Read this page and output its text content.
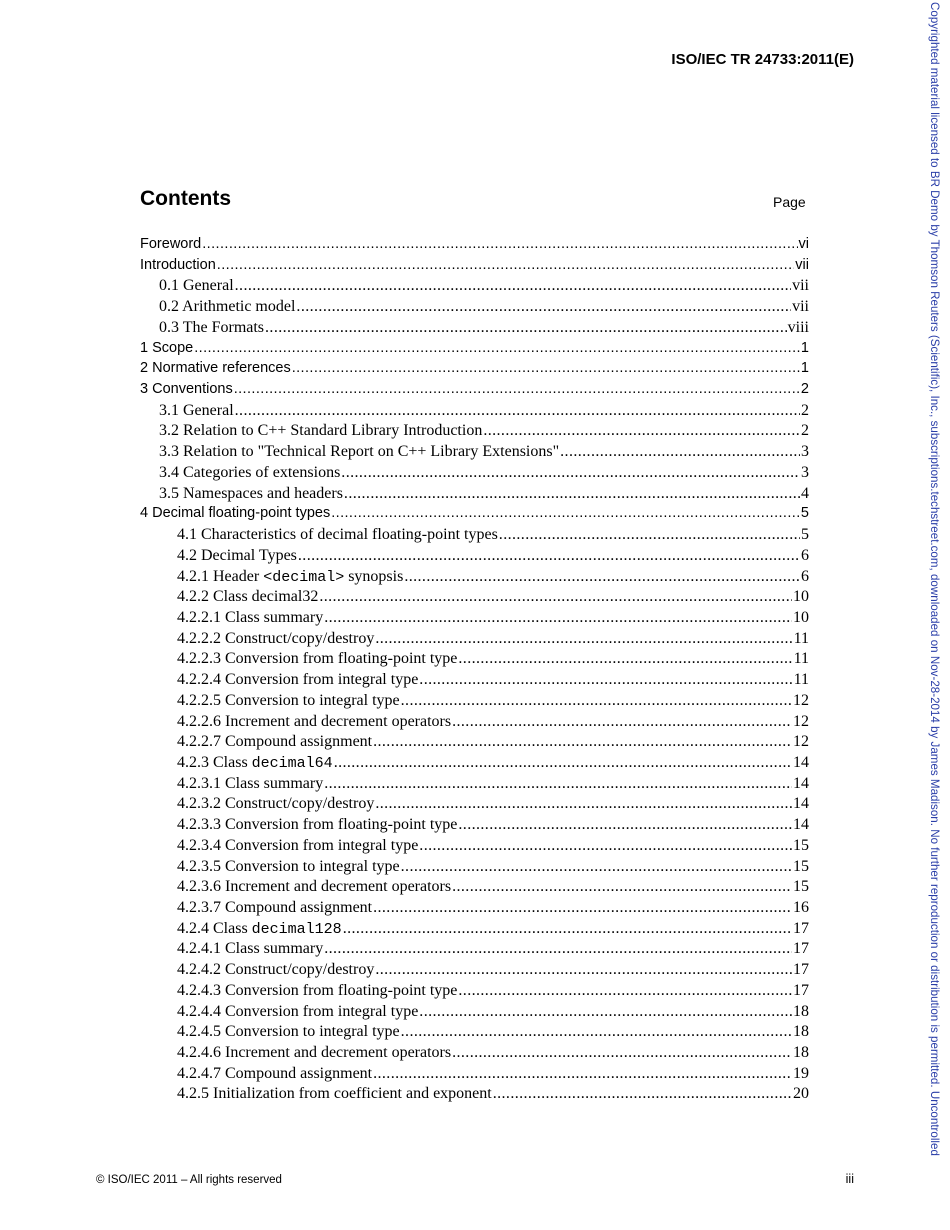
ISO/IEC TR 24733:2011(E)
Contents	Page
Foreword .....	vi
Introduction .....	vii
0.1 General .....	vii
0.2 Arithmetic model .....	vii
0.3 The Formats .....	viii
1 Scope .....	1
2 Normative references .....	1
3 Conventions .....	2
3.1 General .....	2
3.2 Relation to C++ Standard Library Introduction .....	2
3.3 Relation to "Technical Report on C++ Library Extensions" .....	3
3.4 Categories of extensions .....	3
3.5 Namespaces and headers .....	4
4 Decimal floating-point types .....	5
4.1 Characteristics of decimal floating-point types .....	5
4.2 Decimal Types .....	6
4.2.1 Header <decimal> synopsis .....	6
4.2.2 Class decimal32 .....	10
4.2.2.1 Class summary .....	10
4.2.2.2 Construct/copy/destroy .....	11
4.2.2.3 Conversion from floating-point type .....	11
4.2.2.4 Conversion from integral type .....	11
4.2.2.5 Conversion to integral type .....	12
4.2.2.6 Increment and decrement operators .....	12
4.2.2.7 Compound assignment .....	12
4.2.3 Class decimal64 .....	14
4.2.3.1 Class summary .....	14
4.2.3.2 Construct/copy/destroy .....	14
4.2.3.3 Conversion from floating-point type .....	14
4.2.3.4 Conversion from integral type .....	15
4.2.3.5 Conversion to integral type .....	15
4.2.3.6 Increment and decrement operators .....	15
4.2.3.7 Compound assignment .....	16
4.2.4 Class decimal128 .....	17
4.2.4.1 Class summary .....	17
4.2.4.2 Construct/copy/destroy .....	17
4.2.4.3 Conversion from floating-point type .....	17
4.2.4.4 Conversion from integral type .....	18
4.2.4.5 Conversion to integral type .....	18
4.2.4.6 Increment and decrement operators .....	18
4.2.4.7 Compound assignment .....	19
4.2.5 Initialization from coefficient and exponent .....	20
© ISO/IEC 2011 – All rights reserved	iii
Copyrighted material licensed to BR Demo by Thomson Reuters (Scientific), Inc., subscriptions.techstreet.com, downloaded on Nov-28-2014 by James Madison. No further reproduction or distribution is permitted. Uncontrolled
